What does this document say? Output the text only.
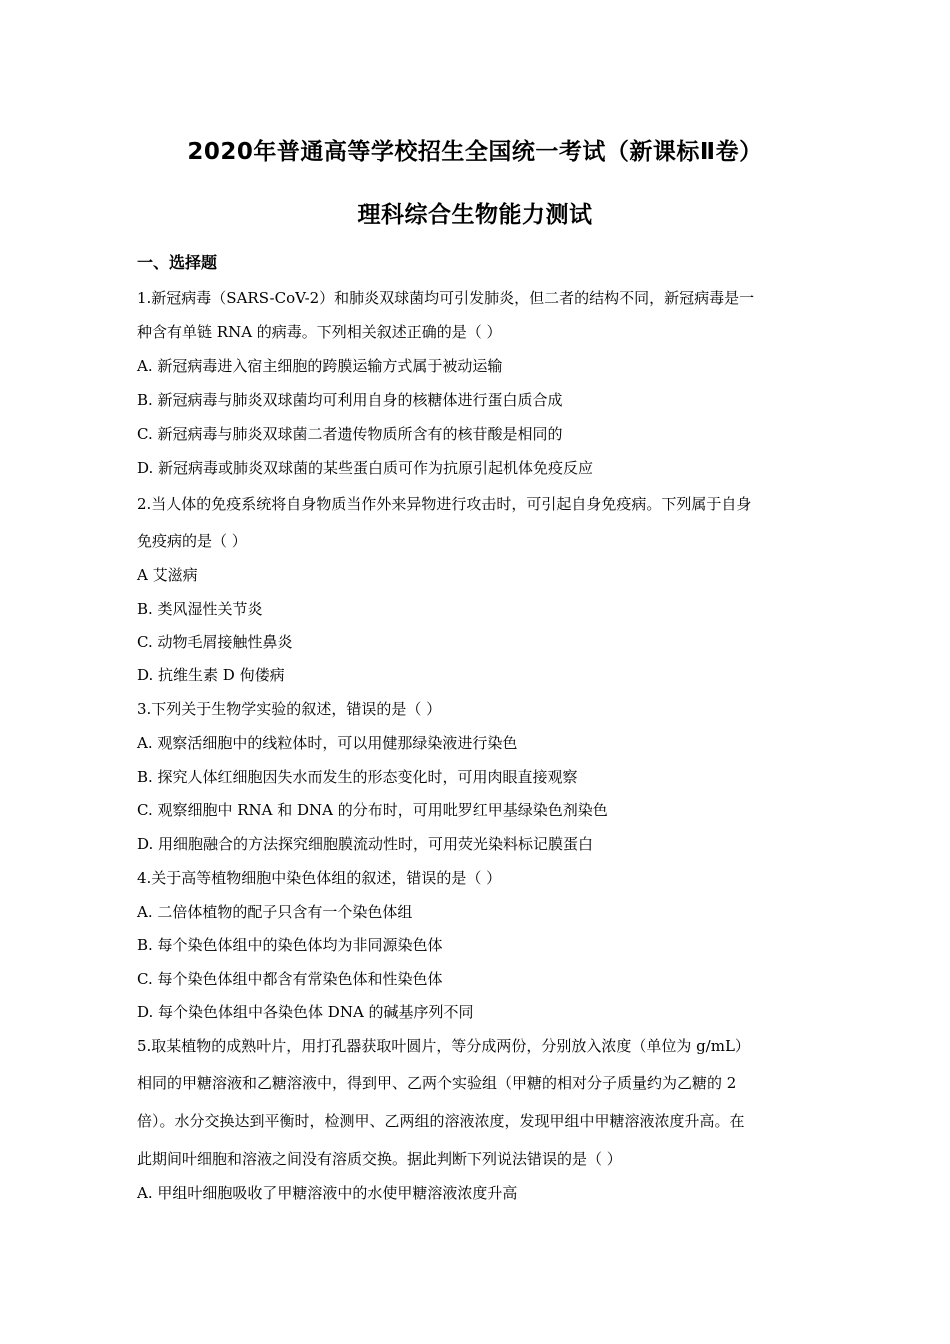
2020年普通高等学校招生全国统一考试（新课标Ⅱ卷）
理科综合生物能力测试
一、选择题
1.新冠病毒（SARS-CoV-2）和肺炎双球菌均可引发肺炎，但二者的结构不同，新冠病毒是一
种含有单链 RNA 的病毒。下列相关叙述正确的是（ ）
A. 新冠病毒进入宿主细胞的跨膜运输方式属于被动运输
B. 新冠病毒与肺炎双球菌均可利用自身的核糖体进行蛋白质合成
C. 新冠病毒与肺炎双球菌二者遗传物质所含有的核苷酸是相同的
D. 新冠病毒或肺炎双球菌的某些蛋白质可作为抗原引起机体免疫反应
2.当人体的免疫系统将自身物质当作外来异物进行攻击时，可引起自身免疫病。下列属于自身
免疫病的是（ ）
A 艾滋病
B. 类风湿性关节炎
C. 动物毛屑接触性鼻炎
D. 抗维生素 D 佝偻病
3.下列关于生物学实验的叙述，错误的是（ ）
A. 观察活细胞中的线粒体时，可以用健那绿染液进行染色
B. 探究人体红细胞因失水而发生的形态变化时，可用肉眼直接观察
C. 观察细胞中 RNA 和 DNA 的分布时，可用吡罗红甲基绿染色剂染色
D. 用细胞融合的方法探究细胞膜流动性时，可用荧光染料标记膜蛋白
4.关于高等植物细胞中染色体组的叙述，错误的是（ ）
A. 二倍体植物的配子只含有一个染色体组
B. 每个染色体组中的染色体均为非同源染色体
C. 每个染色体组中都含有常染色体和性染色体
D. 每个染色体组中各染色体 DNA 的碱基序列不同
5.取某植物的成熟叶片，用打孔器获取叶圆片，等分成两份，分别放入浓度（单位为 g/mL）
相同的甲糖溶液和乙糖溶液中，得到甲、乙两个实验组（甲糖的相对分子质量约为乙糖的 2
倍）。水分交换达到平衡时，检测甲、乙两组的溶液浓度，发现甲组中甲糖溶液浓度升高。在
此期间叶细胞和溶液之间没有溶质交换。据此判断下列说法错误的是（ ）
A. 甲组叶细胞吸收了甲糖溶液中的水使甲糖溶液浓度升高
